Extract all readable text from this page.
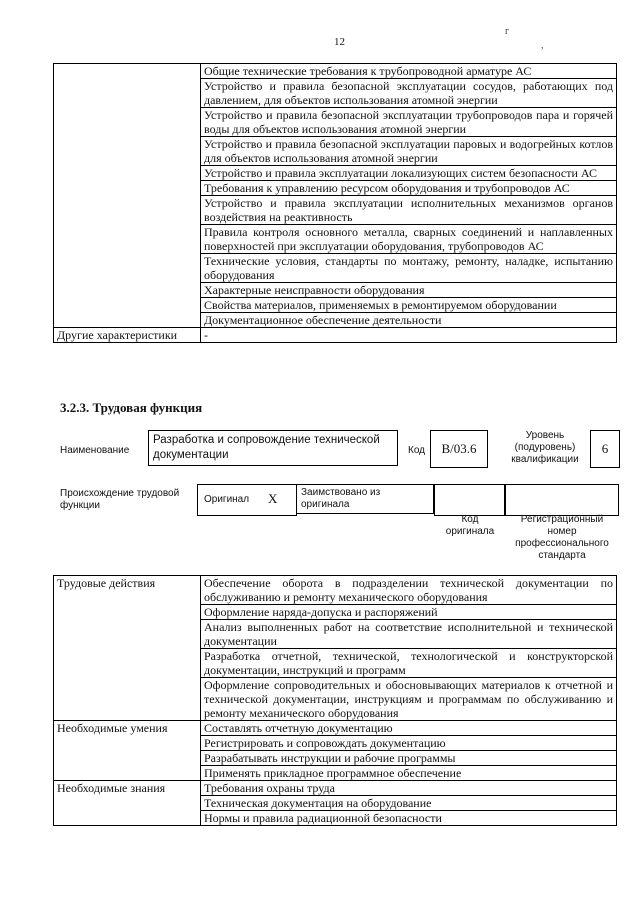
12
г
,
	Общие технические требования к трубопроводной арматуре АС
	Устройство и правила безопасной эксплуатации сосудов, работающих под давлением, для объектов использования атомной энергии
	Устройство и правила безопасной эксплуатации трубопроводов пара и горячей воды для объектов использования атомной энергии
	Устройство и правила безопасной эксплуатации паровых и водогрейных котлов для объектов использования атомной энергии
	Устройство и правила эксплуатации локализующих систем безопасности АС
	Требования к управлению ресурсом оборудования и трубопроводов АС
	Устройство и правила эксплуатации исполнительных механизмов органов воздействия на реактивность
	Правила контроля основного металла, сварных соединений и наплавленных поверхностей при эксплуатации оборудования, трубопроводов АС
	Технические условия, стандарты по монтажу, ремонту, наладке, испытанию оборудования
	Характерные неисправности оборудования
	Свойства материалов, применяемых в ремонтируемом оборудовании
	Документационное обеспечение деятельности
Другие характеристики	-
3.2.3. Трудовая функция
Наименование
Разработка и сопровождение технической документации	Код	B/03.6
Уровень (подуровень) квалификации
6
Происхождение трудовой функции
Оригинал X	Заимствовано из оригинала
Код оригинала
Регистрационный номер профессионального стандарта
Трудовые действия	Обеспечение оборота в подразделении технической документации по обслуживанию и ремонту механического оборудования
	Оформление наряда-допуска и распоряжений
	Анализ выполненных работ на соответствие исполнительной и технической документации
	Разработка отчетной, технической, технологической и конструкторской документации, инструкций и программ
	Оформление сопроводительных и обосновывающих материалов к отчетной и технической документации, инструкциям и программам по обслуживанию и ремонту механического оборудования
Необходимые умения	Составлять отчетную документацию
	Регистрировать и сопровождать документацию
	Разрабатывать инструкции и рабочие программы
	Применять прикладное программное обеспечение
Необходимые знания	Требования охраны труда
	Техническая документация на оборудование
	Нормы и правила радиационной безопасности
